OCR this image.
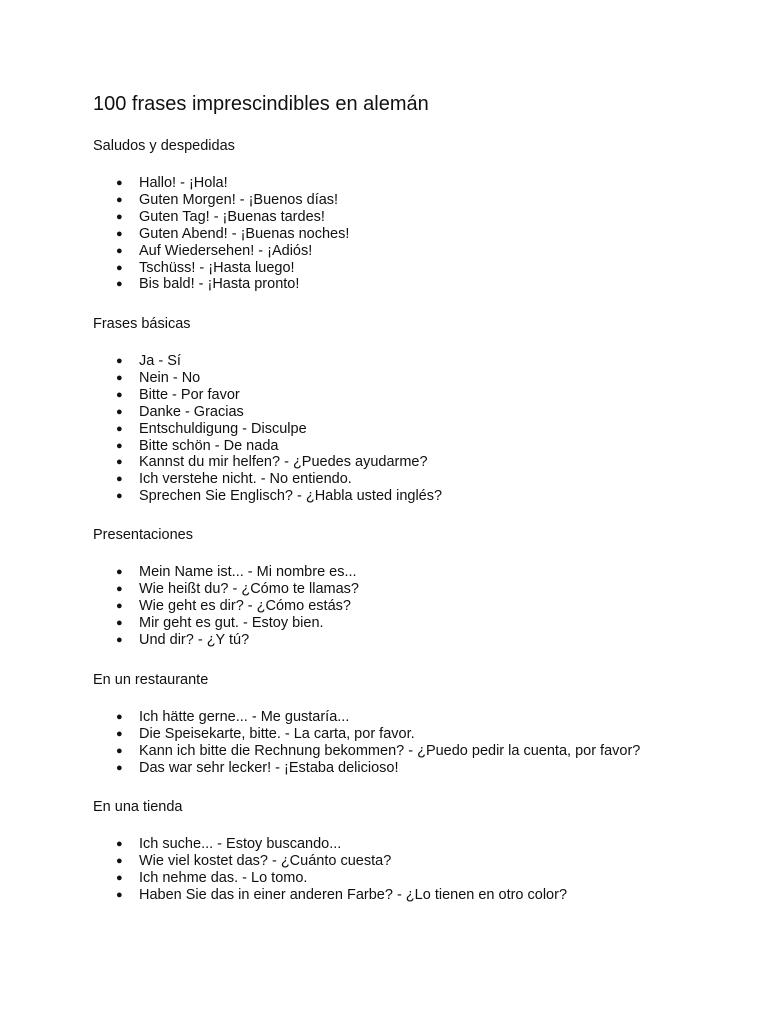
100 frases imprescindibles en alemán
Saludos y despedidas
● Hallo! - ¡Hola!
● Guten Morgen! - ¡Buenos días!
● Guten Tag! - ¡Buenas tardes!
● Guten Abend! - ¡Buenas noches!
● Auf Wiedersehen! - ¡Adiós!
● Tschüss! - ¡Hasta luego!
● Bis bald! - ¡Hasta pronto!
Frases básicas
● Ja - Sí
● Nein - No
● Bitte - Por favor
● Danke - Gracias
● Entschuldigung - Disculpe
● Bitte schön - De nada
● Kannst du mir helfen? - ¿Puedes ayudarme?
● Ich verstehe nicht. - No entiendo.
● Sprechen Sie Englisch? - ¿Habla usted inglés?
Presentaciones
● Mein Name ist... - Mi nombre es...
● Wie heißt du? - ¿Cómo te llamas?
● Wie geht es dir? - ¿Cómo estás?
● Mir geht es gut. - Estoy bien.
● Und dir? - ¿Y tú?
En un restaurante
● Ich hätte gerne... - Me gustaría...
● Die Speisekarte, bitte. - La carta, por favor.
● Kann ich bitte die Rechnung bekommen? - ¿Puedo pedir la cuenta, por favor?
● Das war sehr lecker! - ¡Estaba delicioso!
En una tienda
● Ich suche... - Estoy buscando...
● Wie viel kostet das? - ¿Cuánto cuesta?
● Ich nehme das. - Lo tomo.
● Haben Sie das in einer anderen Farbe? - ¿Lo tienen en otro color?
